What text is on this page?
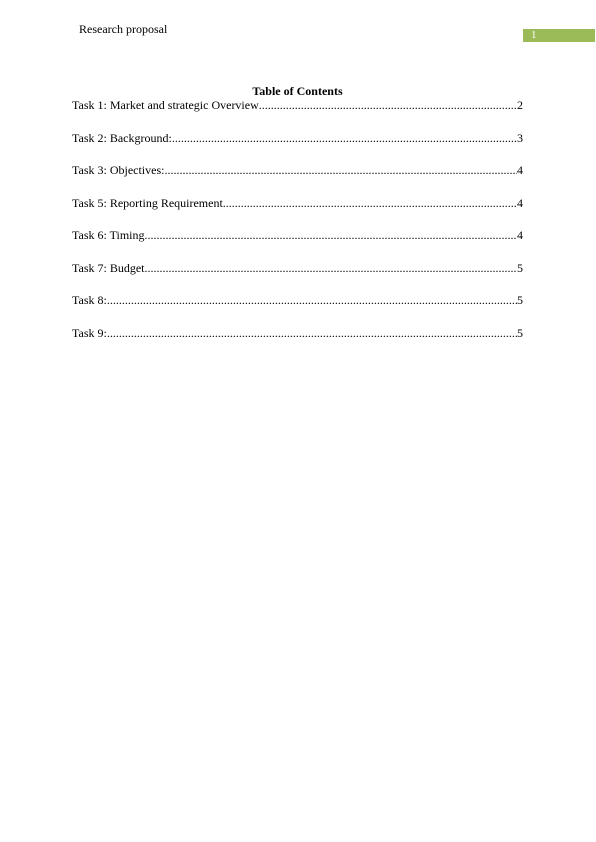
Research proposal	1
Table of Contents
Task 1: Market and strategic Overview .....	2
Task 2: Background: .....	3
Task 3: Objectives: .....	4
Task 5: Reporting Requirement .....	4
Task 6: Timing .....	4
Task 7: Budget .....	5
Task 8: .....	5
Task 9: .....	5
